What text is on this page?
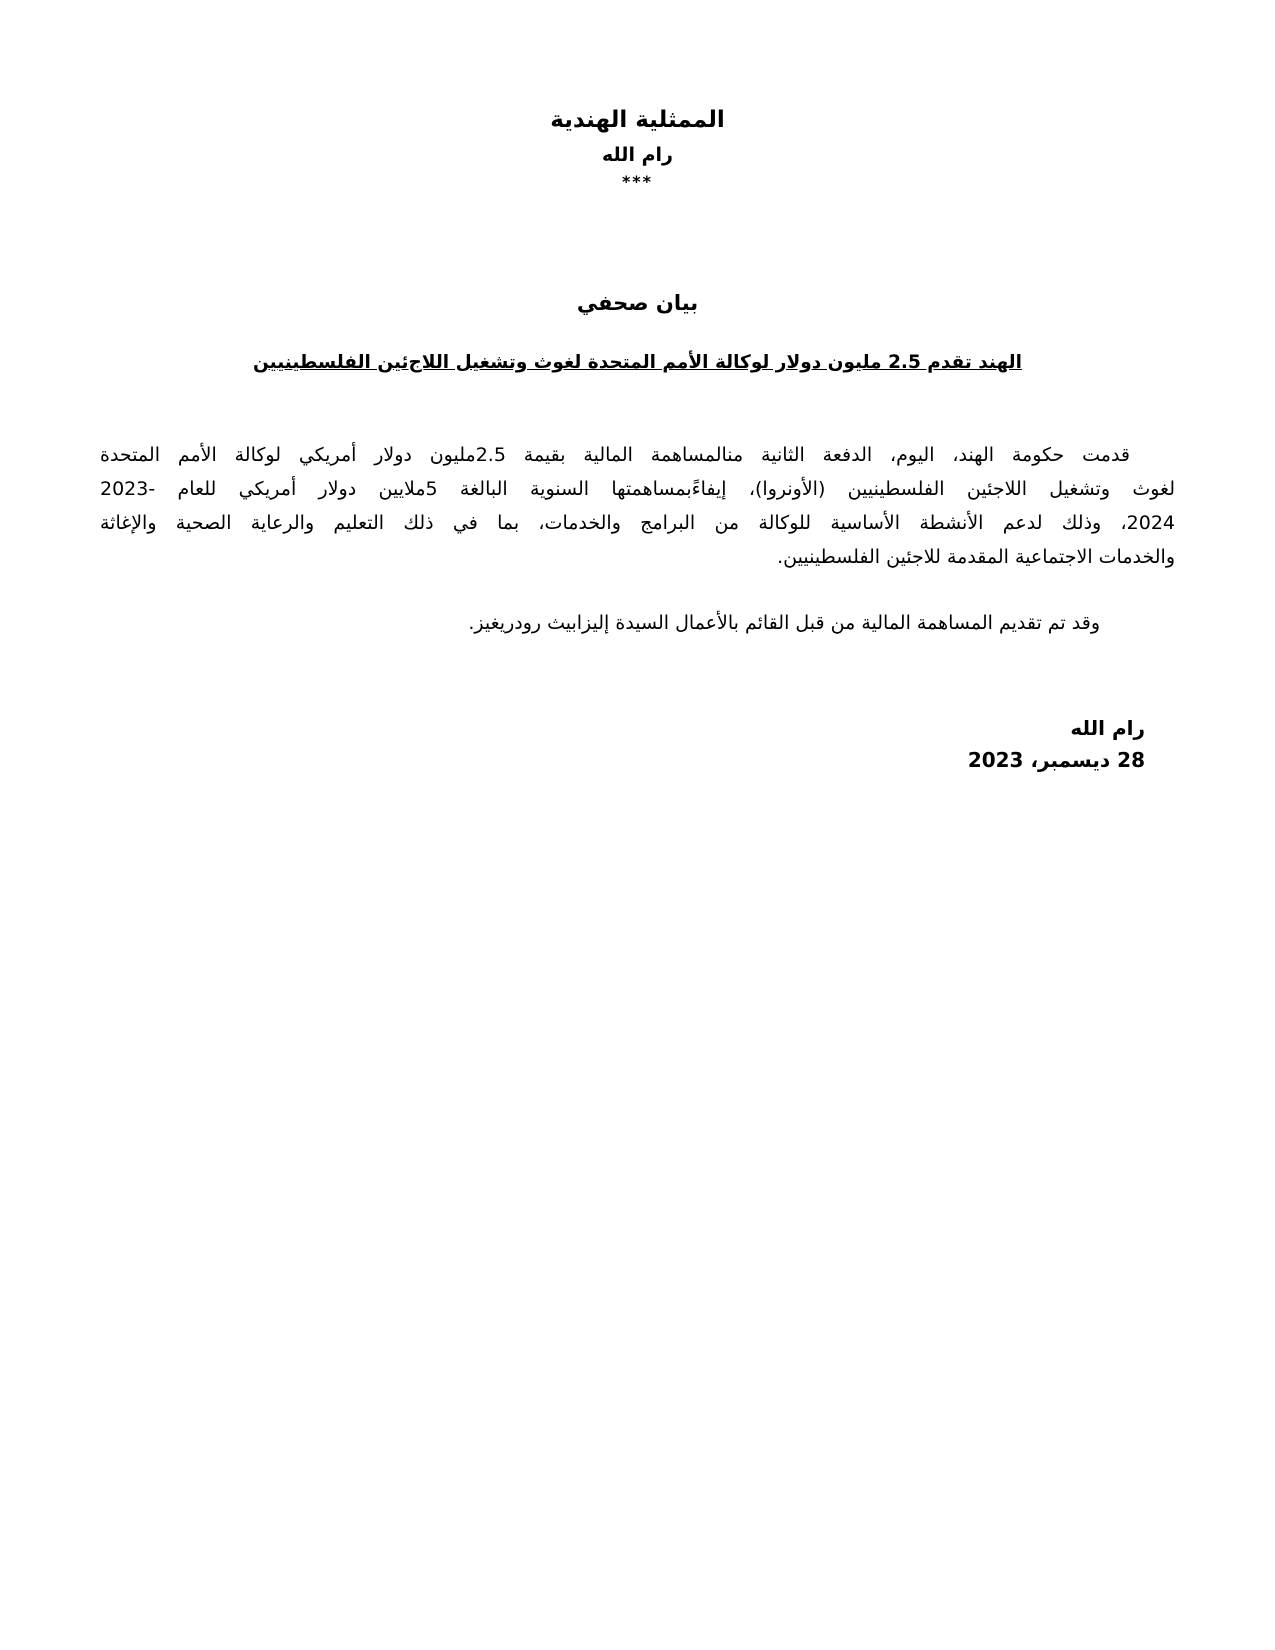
الممثلية الهندية
رام الله
***
بيان صحفي
الهند تقدم 2.5 مليون دولار لوكالة الأمم المتحدة لغوث وتشغيل اللاج‌ئين الفلسطينيين
قدمت حكومة الهند، اليوم، الدفعة الثانية منالمساهمة المالية بقيمة 2.5مليون دولار أمريكي لوكالة الأمم المتحدة
لغوث وتشغيل اللاجئين الفلسطينيين (الأونروا)، إيفاءًبمساهمتها السنوية البالغة 5ملايين دولار أمريكي للعام -2023
2024، وذلك لدعم الأنشطة الأساسية للوكالة من البرامج والخدمات، بما في ذلك التعليم والرعاية الصحية والإغاثة
والخدمات الاجتماعية المقدمة للاجئين الفلسطينيين.
وقد تم تقديم المساهمة المالية من قبل القائم بالأعمال السيدة إليزابيث رودريغيز.
رام الله
28 ديسمبر، 2023
